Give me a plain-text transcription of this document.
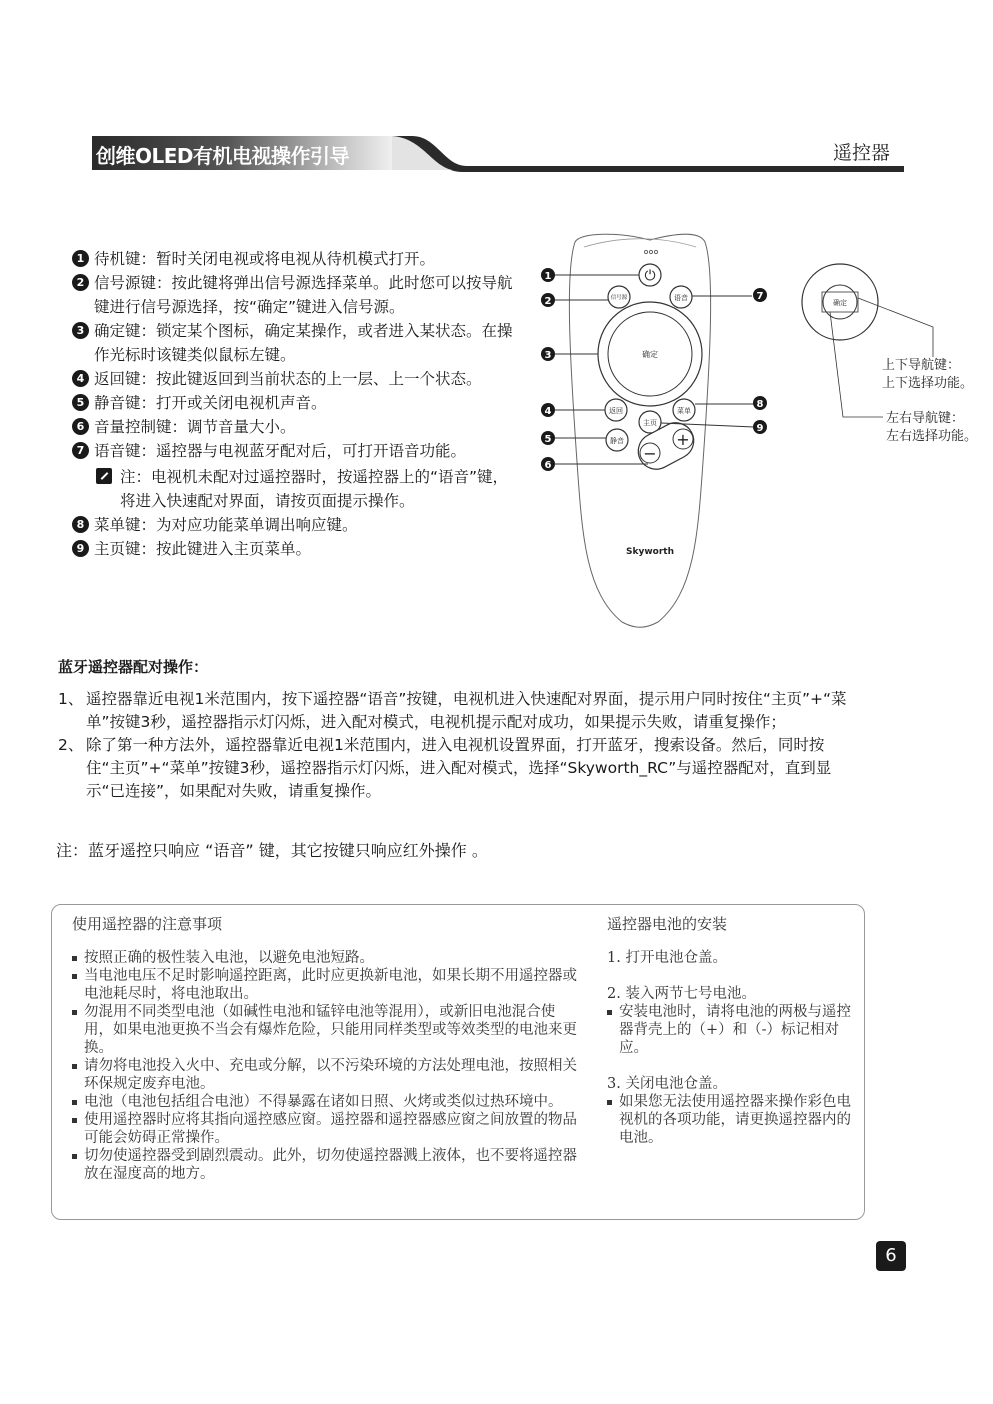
创维OLED有机电视操作引导	遥控器
1 待机键：暂时关闭电视或将电视从待机模式打开。
2 信号源键：按此键将弹出信号源选择菜单。此时您可以按导航键进行信号源选择，按“确定”键进入信号源。
3 确定键：锁定某个图标，确定某操作，或者进入某状态。在操作光标时该键类似鼠标左键。
4 返回键：按此键返回到当前状态的上一层、上一个状态。
5 静音键：打开或关闭电视机声音。
6 音量控制键：调节音量大小。
7 语音键：遥控器与电视蓝牙配对后，可打开语音功能。
注：电视机未配对过遥控器时，按遥控器上的“语音”键，将进入快速配对界面，请按页面提示操作。
8 菜单键：为对应功能菜单调出响应键。
9 主页键：按此键进入主页菜单。
⏻
信号源	语音
确定
返回
主页
菜单
静音	+
−
Skyworth
1
2
3
4
5
6
7
8
9
确定
上下导航键：
上下选择功能。
左右导航键：
左右选择功能。
蓝牙遥控器配对操作：
1、 遥控器靠近电视1米范围内，按下遥控器“语音”按键，电视机进入快速配对界面，提示用户同时按住“主页”+“菜单”按键3秒，遥控器指示灯闪烁，进入配对模式，电视机提示配对成功，如果提示失败，请重复操作；
2、 除了第一种方法外，遥控器靠近电视1米范围内，进入电视机设置界面，打开蓝牙，搜索设备。然后，同时按住“主页”+“菜单”按键3秒，遥控器指示灯闪烁，进入配对模式，选择“Skyworth_RC”与遥控器配对，直到显示“已连接”，如果配对失败，请重复操作。
注：蓝牙遥控只响应 “语音” 键，其它按键只响应红外操作 。
使用遥控器的注意事项
按照正确的极性装入电池，以避免电池短路。
当电池电压不足时影响遥控距离，此时应更换新电池，如果长期不用遥控器或电池耗尽时，将电池取出。
勿混用不同类型电池（如碱性电池和锰锌电池等混用），或新旧电池混合使用，如果电池更换不当会有爆炸危险，只能用同样类型或等效类型的电池来更换。
请勿将电池投入火中、充电或分解，以不污染环境的方法处理电池，按照相关环保规定废弃电池。
电池（电池包括组合电池）不得暴露在诸如日照、火烤或类似过热环境中。
使用遥控器时应将其指向遥控感应窗。遥控器和遥控器感应窗之间放置的物品可能会妨碍正常操作。
切勿使遥控器受到剧烈震动。此外，切勿使遥控器溅上液体，也不要将遥控器放在湿度高的地方。
遥控器电池的安装
1. 打开电池仓盖。
2. 装入两节七号电池。
安装电池时，请将电池的两极与遥控器背壳上的（+）和（-）标记相对应。
3. 关闭电池仓盖。
如果您无法使用遥控器来操作彩色电视机的各项功能，请更换遥控器内的电池。
6
